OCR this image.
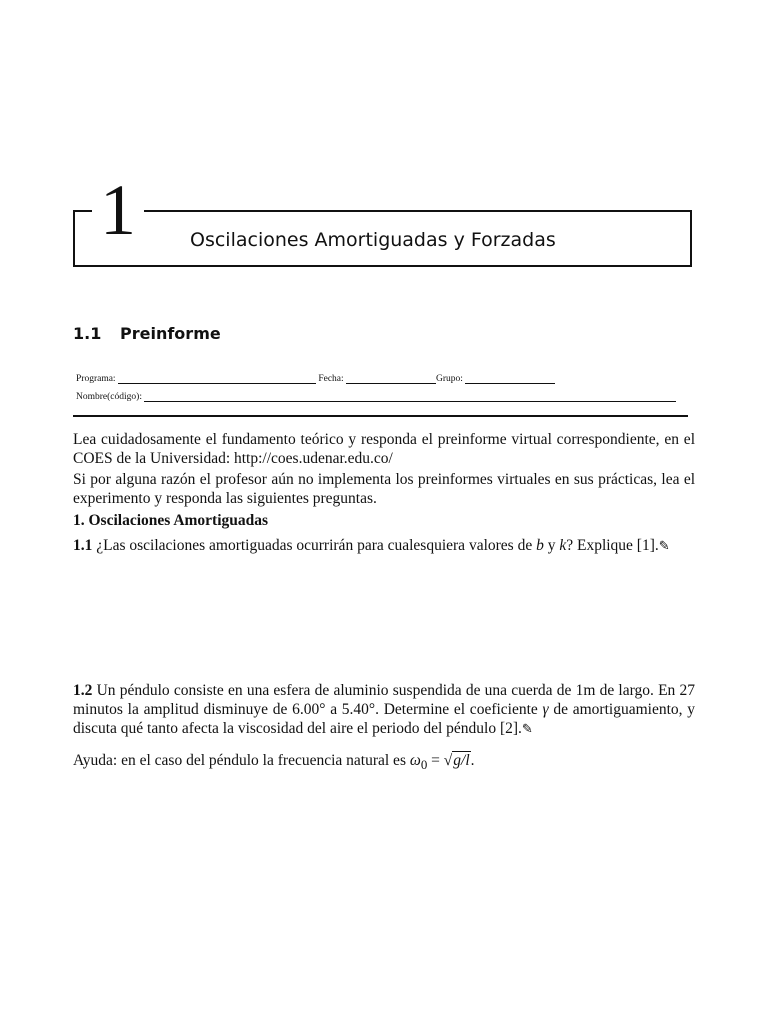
1	Oscilaciones Amortiguadas y Forzadas
1.1 Preinforme
Programa:	Fecha:	Grupo:
Nombre(código):
Lea cuidadosamente el fundamento teórico y responda el preinforme virtual correspondiente, en el COES de la Universidad: http://coes.udenar.edu.co/
Si por alguna razón el profesor aún no implementa los preinformes virtuales en sus prácticas, lea el experimento y responda las siguientes preguntas.
1. Oscilaciones Amortiguadas
1.1 ¿Las oscilaciones amortiguadas ocurrirán para cualesquiera valores de b y k? Explique [1].✎
1.2 Un péndulo consiste en una esfera de aluminio suspendida de una cuerda de 1m de largo. En 27 minutos la amplitud disminuye de 6.00° a 5.40°. Determine el coeficiente γ de amortiguamiento, y discuta qué tanto afecta la viscosidad del aire el periodo del péndulo [2].✎
Ayuda: en el caso del péndulo la frecuencia natural es $\omega_0 = √g/l$.
